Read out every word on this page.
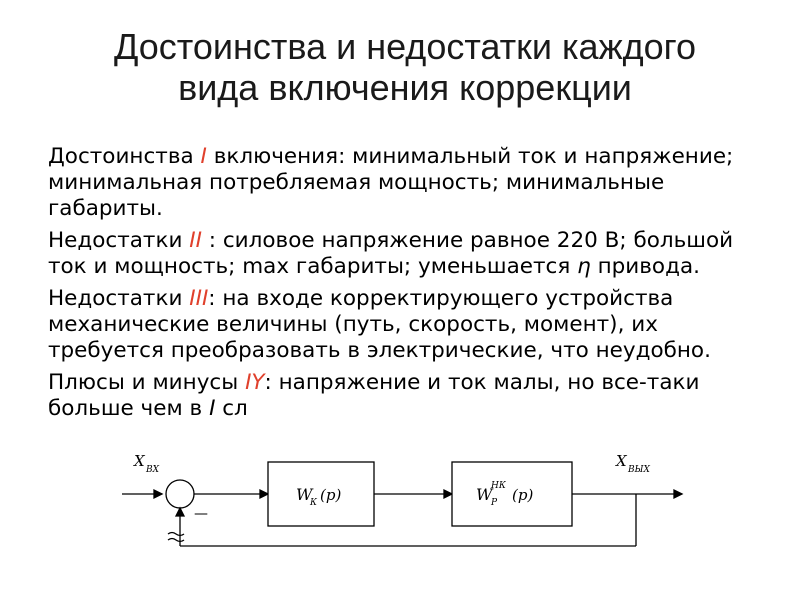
Достоинства и недостатки каждого
вида включения коррекции

Достоинства I включения: минимальный ток и напряжение; минимальная потребляемая мощность; минимальные габариты.

Недостатки II : силовое напряжение равное 220 В; большой ток и мощность; max габариты; уменьшается η привода.

Недостатки III: на входе корректирующего устройства механические величины (путь, скорость, момент), их требуется преобразовать в электрические, что неудобно.

Плюсы и минусы IY: напряжение и ток малы, но все-таки больше чем в I сл

X ВХ	X ВЫХ
—
W
К (p)	W
Р
НК (p)
